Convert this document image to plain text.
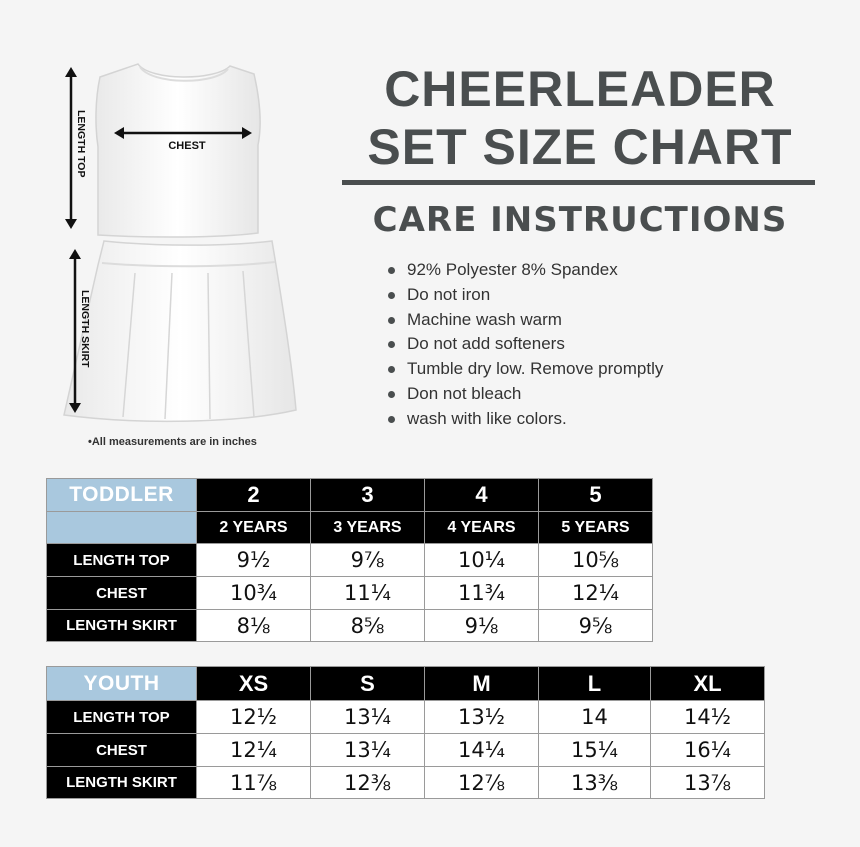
CHEST
LENGTH TOP
LENGTH SKIRT
•All measurements are in inches
CHEERLEADER
SET SIZE CHART
CARE INSTRUCTIONS
92% Polyester 8% Spandex
Do not iron
Machine wash warm
Do not add softeners
Tumble dry low. Remove promptly
Don not bleach
wash with like colors.
TODDLER	2	3	4	5
	2 YEARS	3 YEARS	4 YEARS	5 YEARS
LENGTH TOP	9½	9⅞	10¼	10⅝
CHEST	10¾	11¼	11¾	12¼
LENGTH SKIRT	8⅛	8⅝	9⅛	9⅝
YOUTH	XS	S	M	L	XL
LENGTH TOP	12½	13¼	13½	14	14½
CHEST	12¼	13¼	14¼	15¼	16¼
LENGTH SKIRT	11⅞	12⅜	12⅞	13⅜	13⅞
